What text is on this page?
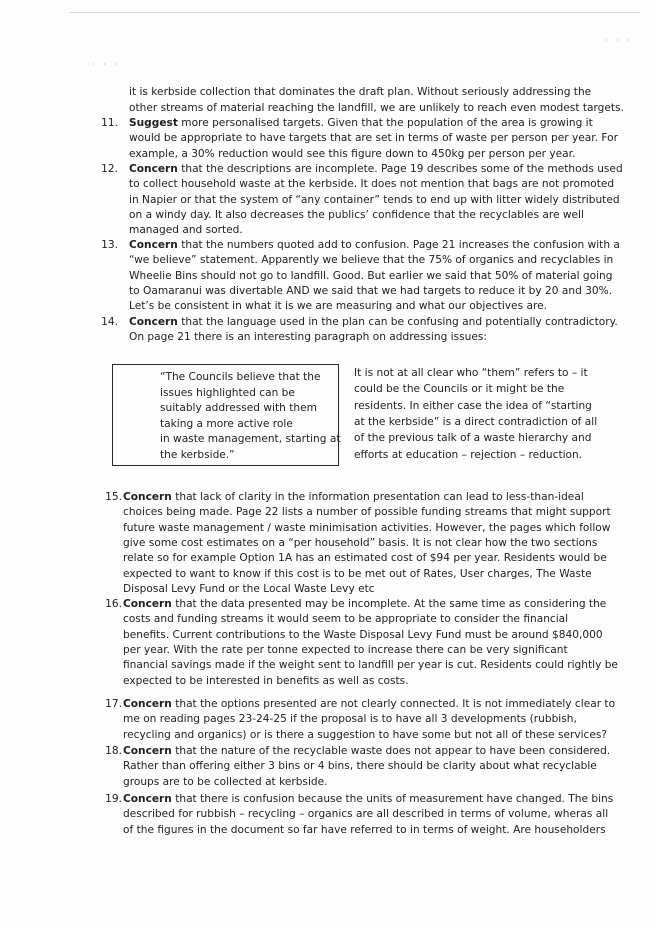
· · ·
· · ·
it is kerbside collection that dominates the draft plan. Without seriously addressing the
other streams of material reaching the landfill, we are unlikely to reach even modest targets.
11. Suggest more personalised targets. Given that the population of the area is growing it
would be appropriate to have targets that are set in terms of waste per person per year. For
example, a 30% reduction would see this figure down to 450kg per person per year.
12. Concern that the descriptions are incomplete. Page 19 describes some of the methods used
to collect household waste at the kerbside. It does not mention that bags are not promoted
in Napier or that the system of “any container” tends to end up with litter widely distributed
on a windy day. It also decreases the publics’ confidence that the recyclables are well
managed and sorted.
13. Concern that the numbers quoted add to confusion. Page 21 increases the confusion with a
“we believe” statement. Apparently we believe that the 75% of organics and recyclables in
Wheelie Bins should not go to landfill. Good. But earlier we said that 50% of material going
to Oamaranui was divertable AND we said that we had targets to reduce it by 20 and 30%.
Let’s be consistent in what it is we are measuring and what our objectives are.
14. Concern that the language used in the plan can be confusing and potentially contradictory.
On page 21 there is an interesting paragraph on addressing issues:
15. Concern that lack of clarity in the information presentation can lead to less-than-ideal
choices being made. Page 22 lists a number of possible funding streams that might support
future waste management / waste minimisation activities. However, the pages which follow
give some cost estimates on a “per household” basis. It is not clear how the two sections
relate so for example Option 1A has an estimated cost of $94 per year. Residents would be
expected to want to know if this cost is to be met out of Rates, User charges, The Waste
Disposal Levy Fund or the Local Waste Levy etc
16. Concern that the data presented may be incomplete. At the same time as considering the
costs and funding streams it would seem to be appropriate to consider the financial
benefits. Current contributions to the Waste Disposal Levy Fund must be around $840,000
per year. With the rate per tonne expected to increase there can be very significant
financial savings made if the weight sent to landfill per year is cut. Residents could rightly be
expected to be interested in benefits as well as costs.
17. Concern that the options presented are not clearly connected. It is not immediately clear to
me on reading pages 23-24-25 if the proposal is to have all 3 developments (rubbish,
recycling and organics) or is there a suggestion to have some but not all of these services?
18. Concern that the nature of the recyclable waste does not appear to have been considered.
Rather than offering either 3 bins or 4 bins, there should be clarity about what recyclable
groups are to be collected at kerbside.
19. Concern that there is confusion because the units of measurement have changed. The bins
described for rubbish – recycling – organics are all described in terms of volume, wheras all
of the figures in the document so far have referred to in terms of weight. Are householders
“The Councils believe that the
issues highlighted can be
suitably addressed with them
taking a more active role
in waste management, starting at
the kerbside.”
It is not at all clear who “them” refers to – it
could be the Councils or it might be the
residents. In either case the idea of “starting
at the kerbside” is a direct contradiction of all
of the previous talk of a waste hierarchy and
efforts at education – rejection – reduction.
